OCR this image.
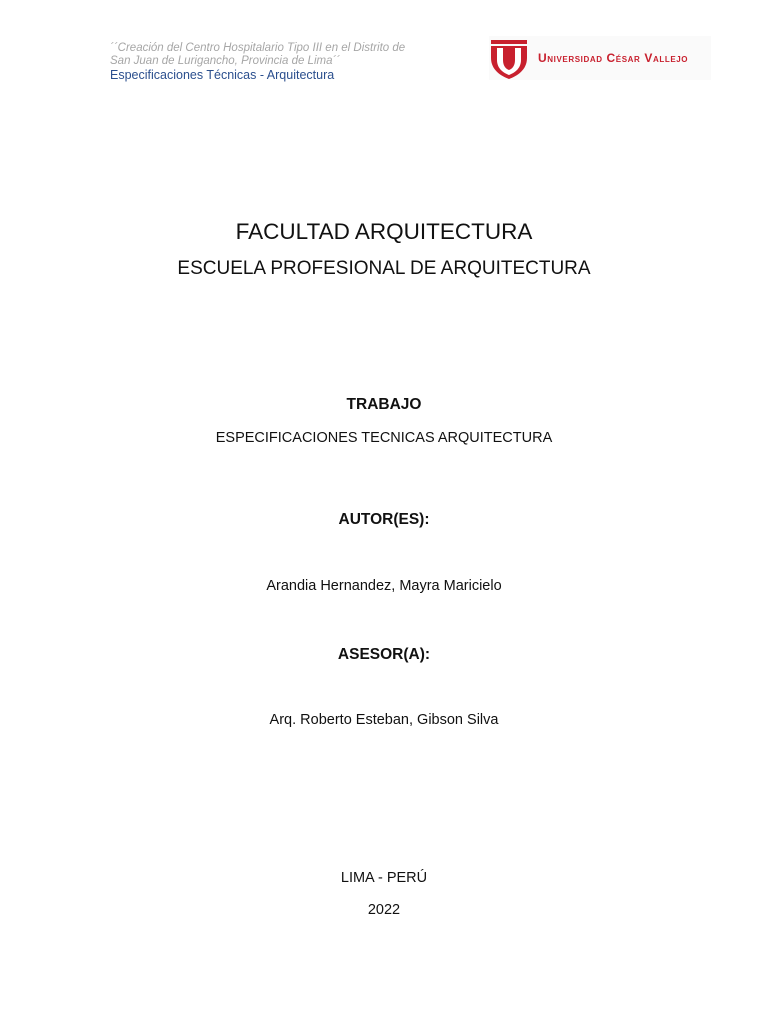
´´Creación del Centro Hospitalario Tipo III en el Distrito de
San Juan de Lurigancho, Provincia de Lima´´
Especificaciones Técnicas - Arquitectura
Universidad César Vallejo
FACULTAD ARQUITECTURA
ESCUELA PROFESIONAL DE ARQUITECTURA
TRABAJO
ESPECIFICACIONES TECNICAS ARQUITECTURA
AUTOR(ES):
Arandia Hernandez, Mayra Maricielo
ASESOR(A):
Arq. Roberto Esteban, Gibson Silva
LIMA - PERÚ
2022
